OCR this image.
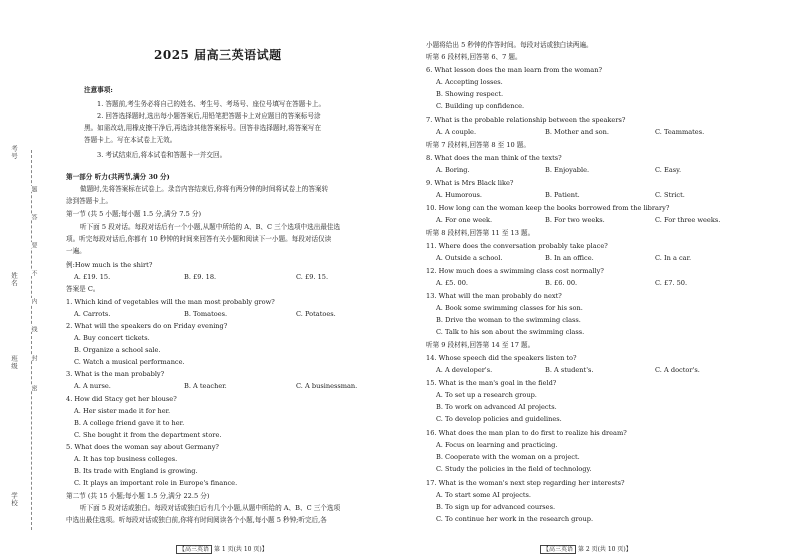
考号
姓名
班级
学校
密
封
线
内
不
要
答
题
2025 届高三英语试题
注意事项:
1. 答题前,考生务必将自己的姓名、考生号、考场号、座位号填写在答题卡上。
2. 回答选择题时,选出每小题答案后,用铅笔把答题卡上对应题目的答案标号涂
黑。如需改动,用橡皮擦干净后,再选涂其他答案标号。回答非选择题时,将答案写在
答题卡上。写在本试卷上无效。
3. 考试结束后,将本试卷和答题卡一并交回。
第一部分 听力(共两节,满分 30 分)
做题时,先将答案标在试卷上。录音内容结束后,你将有两分钟的时间将试卷上的答案转
涂到答题卡上。
第一节 (共 5 小题;每小题 1.5 分,满分 7.5 分)
听下面 5 段对话。每段对话后有一个小题,从题中所给的 A、B、C 三个选项中选出最佳选
项。听完每段对话后,你都有 10 秒钟的时间来回答有关小题和阅读下一小题。每段对话仅读
一遍。
例:How much is the shirt?
A. £19. 15.	B. £9. 18.	C. £9. 15.
答案是 C。
1. Which kind of vegetables will the man most probably grow?
A. Carrots.	B. Tomatoes.	C. Potatoes.
2. What will the speakers do on Friday evening?
A. Buy concert tickets.
B. Organize a school sale.
C. Watch a musical performance.
3. What is the man probably?
A. A nurse.	B. A teacher.	C. A businessman.
4. How did Stacy get her blouse?
A. Her sister made it for her.
B. A college friend gave it to her.
C. She bought it from the department store.
5. What does the woman say about Germany?
A. It has top business colleges.
B. Its trade with England is growing.
C. It plays an important role in Europe's finance.
第二节 (共 15 小题;每小题 1.5 分,满分 22.5 分)
听下面 5 段对话或独白。每段对话或独白后有几个小题,从题中所给的 A、B、C 三个选项
中选出最佳选项。听每段对话或独白前,你将有时间阅读各个小题,每小题 5 秒钟;听完后,各
【高三英语 第 1 页(共 10 页)】
小题将给出 5 秒钟的作答时间。每段对话或独白读两遍。
听第 6 段材料,回答第 6、7 题。
6. What lesson does the man learn from the woman?
A. Accepting losses.
B. Showing respect.
C. Building up confidence.
7. What is the probable relationship between the speakers?
A. A couple.	B. Mother and son.	C. Teammates.
听第 7 段材料,回答第 8 至 10 题。
8. What does the man think of the texts?
A. Boring.	B. Enjoyable.	C. Easy.
9. What is Mrs Black like?
A. Humorous.	B. Patient.	C. Strict.
10. How long can the woman keep the books borrowed from the library?
A. For one week.	B. For two weeks.	C. For three weeks.
听第 8 段材料,回答第 11 至 13 题。
11. Where does the conversation probably take place?
A. Outside a school.	B. In an office.	C. In a car.
12. How much does a swimming class cost normally?
A. £5. 00.	B. £6. 00.	C. £7. 50.
13. What will the man probably do next?
A. Book some swimming classes for his son.
B. Drive the woman to the swimming class.
C. Talk to his son about the swimming class.
听第 9 段材料,回答第 14 至 17 题。
14. Whose speech did the speakers listen to?
A. A developer's.	B. A student's.	C. A doctor's.
15. What is the man's goal in the field?
A. To set up a research group.
B. To work on advanced AI projects.
C. To develop policies and guidelines.
16. What does the man plan to do first to realize his dream?
A. Focus on learning and practicing.
B. Cooperate with the woman on a project.
C. Study the policies in the field of technology.
17. What is the woman's next step regarding her interests?
A. To start some AI projects.
B. To sign up for advanced courses.
C. To continue her work in the research group.
【高三英语 第 2 页(共 10 页)】
